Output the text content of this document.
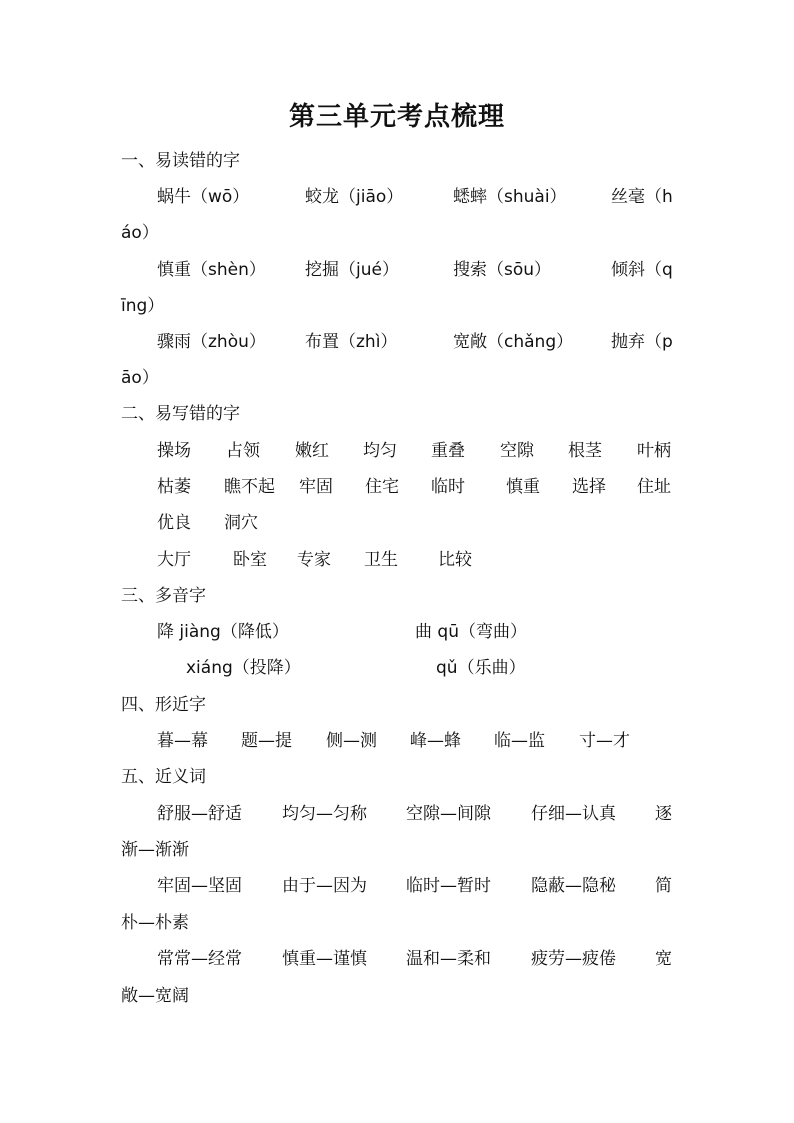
第三单元考点梳理
一、易读错的字
蜗牛（wō）	蛟龙（jiāo）	蟋蟀（shuài）	丝毫（h
áo）
慎重（shèn） 挖掘（jué）	搜索（sōu）	倾斜（q
īng）
骤雨（zhòu） 布置（zhì）	宽敞（chǎng） 抛弃（p
āo）
二、易写错的字
操场 占领 嫩红 均匀 重叠 空隙 根茎 叶柄
枯萎 瞧不起 牢固 住宅 临时 慎重 选择 住址
优良 洞穴
大厅 卧室 专家 卫生 比较
三、多音字
降 jiàng（降低）	曲 qū（弯曲）
xiáng（投降）	qǔ（乐曲）
四、形近字
暮—幕 题—提 侧—测 峰—蜂 临—监 寸—才
五、近义词
舒服—舒适 均匀—匀称 空隙—间隙 仔细—认真 逐
渐—渐渐
牢固—坚固 由于—因为 临时—暂时 隐蔽—隐秘 简
朴—朴素
常常—经常 慎重—谨慎 温和—柔和 疲劳—疲倦 宽
敞—宽阔
